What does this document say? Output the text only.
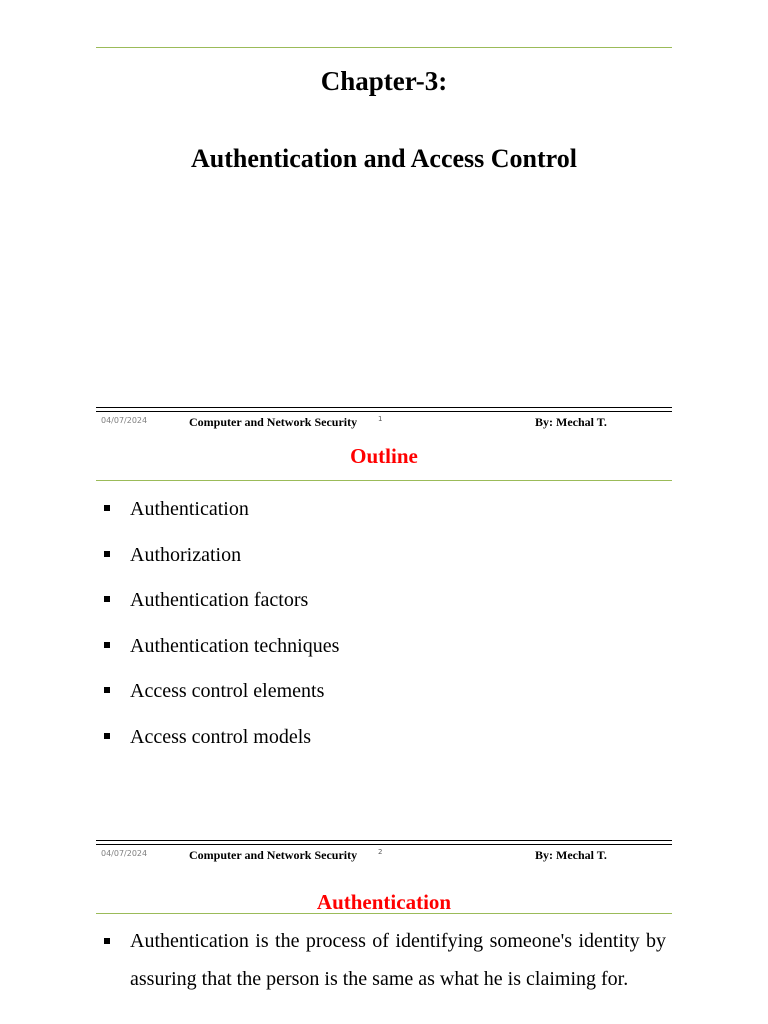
Chapter-3:
Authentication and Access Control
04/07/2024	Computer and Network Security	1	By: Mechal T.
Outline
Authentication
Authorization
Authentication factors
Authentication techniques
Access control elements
Access control models
04/07/2024	Computer and Network Security	2	By: Mechal T.
Authentication
Authentication is the process of identifying someone's identity by assuring that the person is the same as what he is claiming for.
